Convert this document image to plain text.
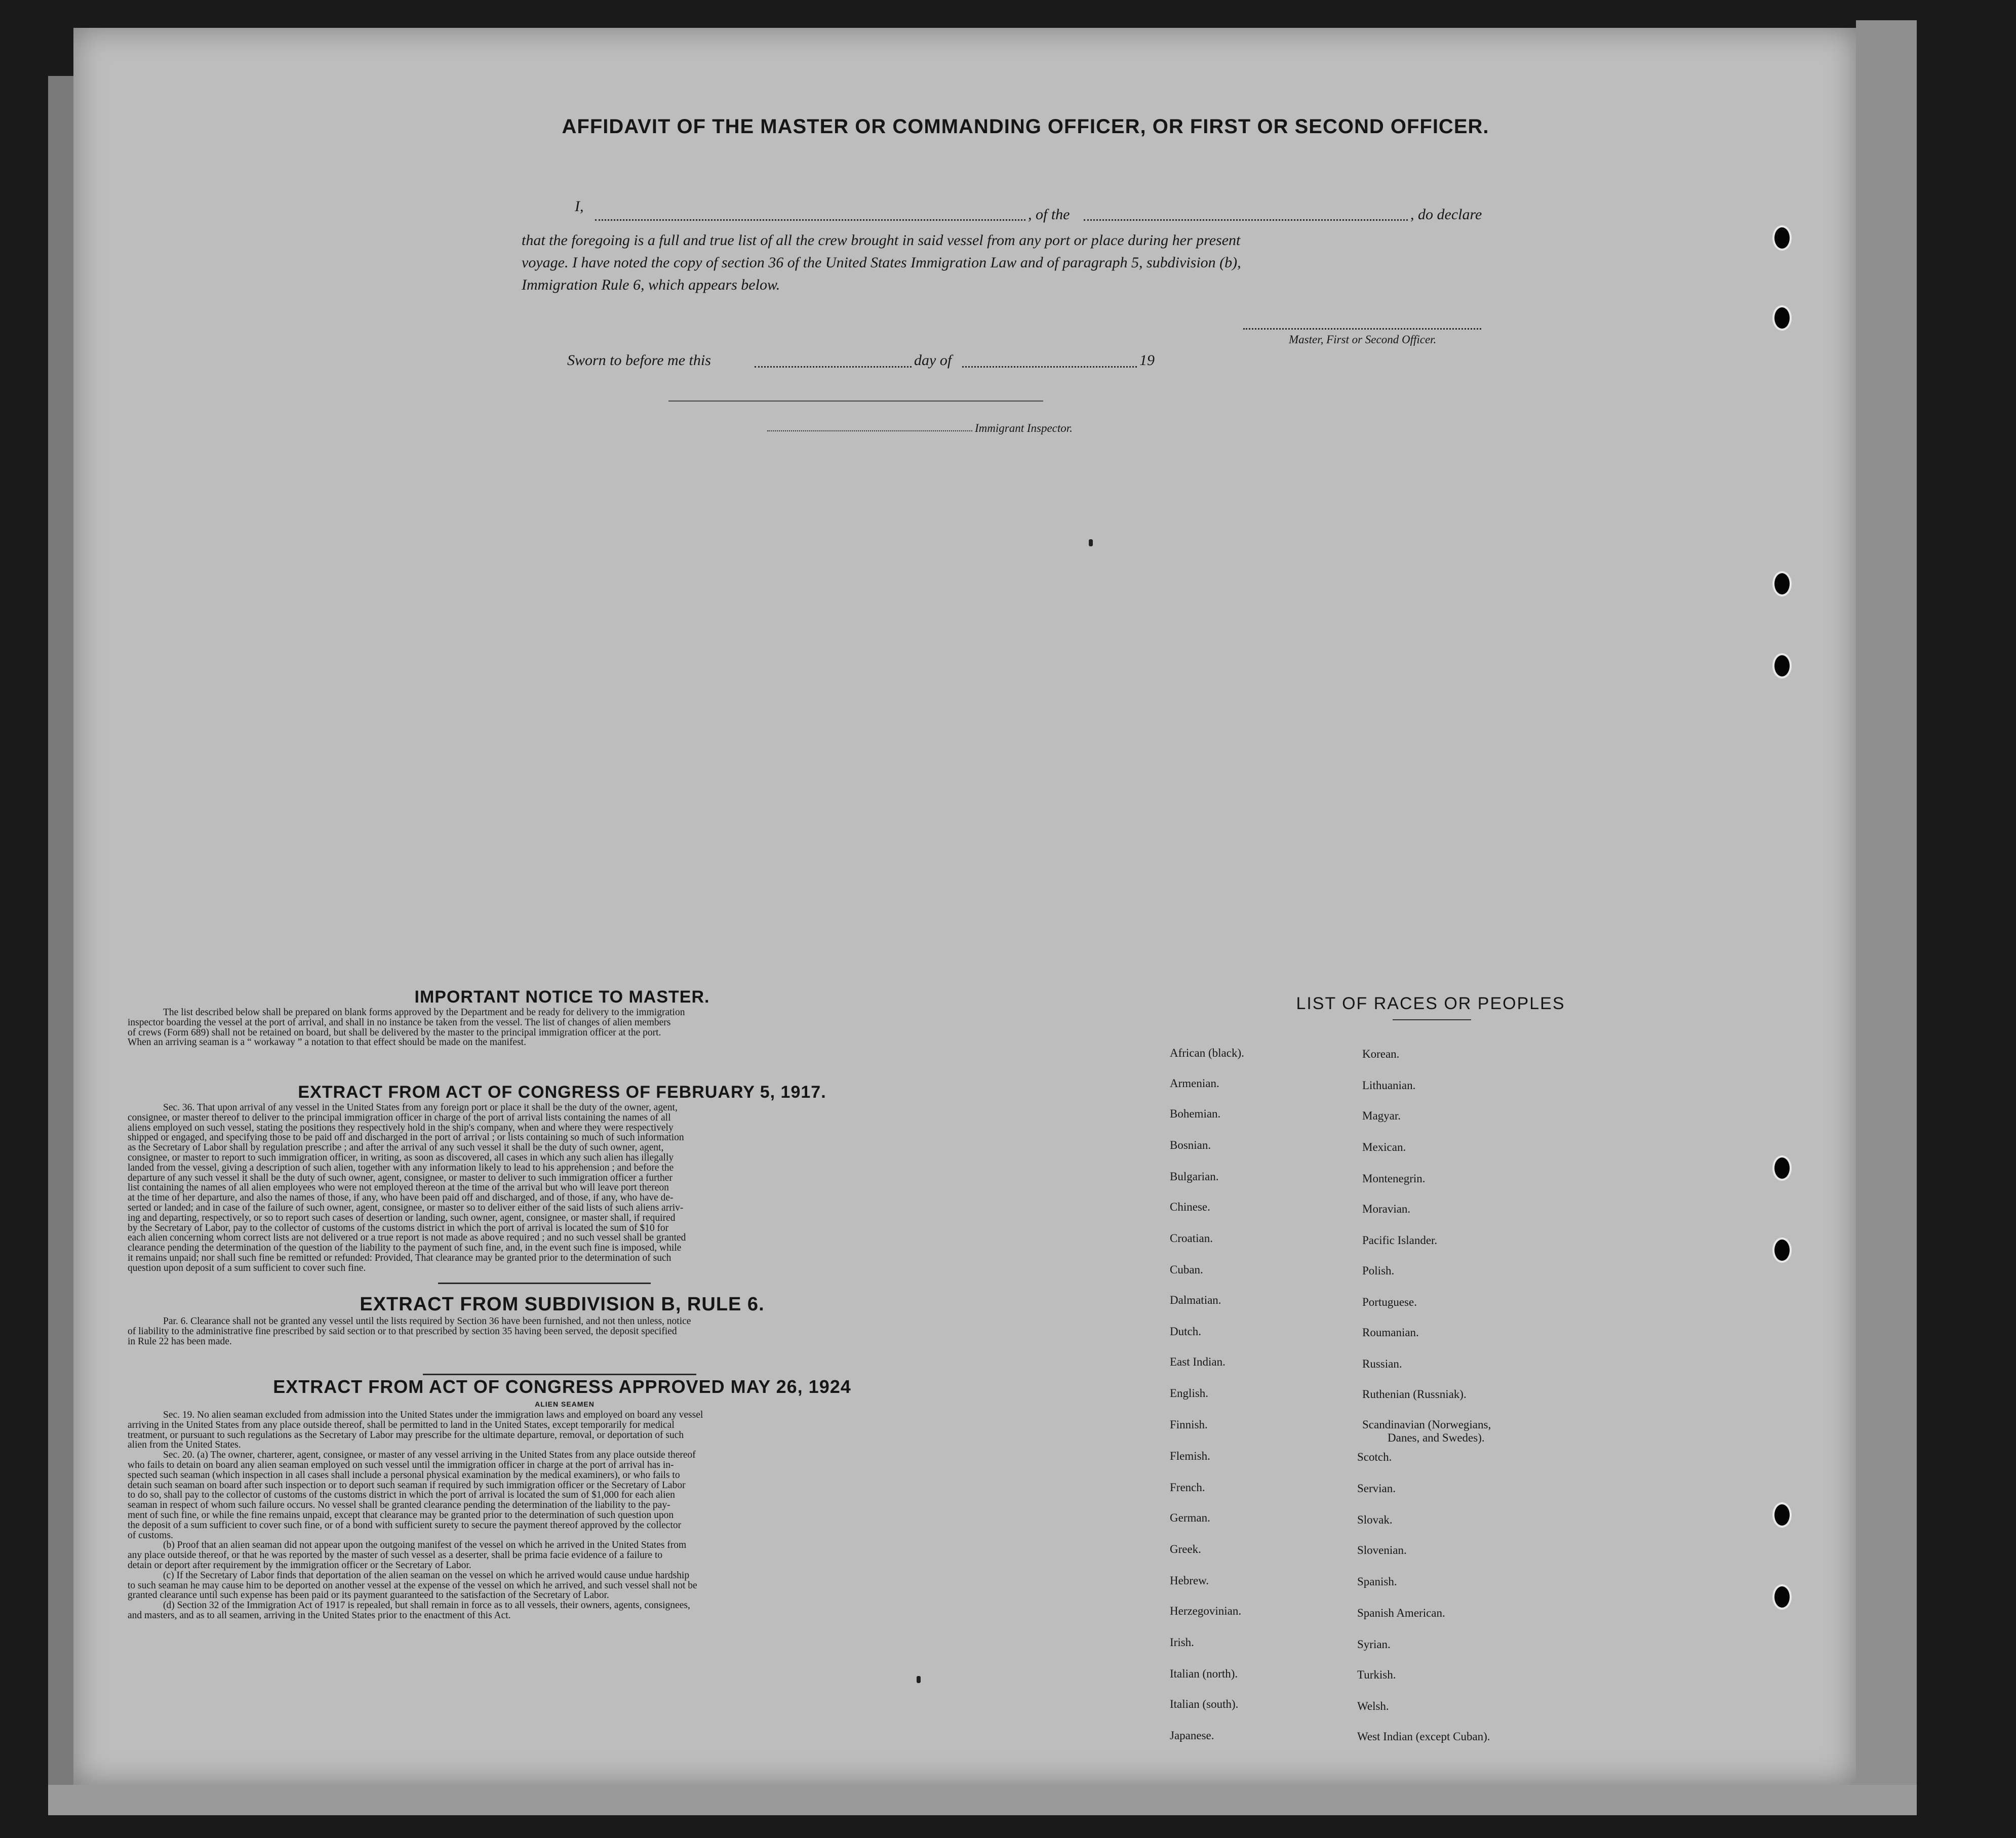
AFFIDAVIT OF THE MASTER OR COMMANDING OFFICER, OR FIRST OR SECOND OFFICER.
I,	, of the	, do declare
that the foregoing is a full and true list of all the crew brought in said vessel from any port or place during her present
voyage. I have noted the copy of section 36 of the United States Immigration Law and of paragraph 5, subdivision (b),
Immigration Rule 6, which appears below.
Master, First or Second Officer.
Sworn to before me this	day of	19
Immigrant Inspector.
IMPORTANT NOTICE TO MASTER.
The list described below shall be prepared on blank forms approved by the Department and be ready for delivery to the immigration
inspector boarding the vessel at the port of arrival, and shall in no instance be taken from the vessel. The list of changes of alien members
of crews (Form 689) shall not be retained on board, but shall be delivered by the master to the principal immigration officer at the port.
When an arriving seaman is a “ workaway ” a notation to that effect should be made on the manifest.
EXTRACT FROM ACT OF CONGRESS OF FEBRUARY 5, 1917.
Sec. 36. That upon arrival of any vessel in the United States from any foreign port or place it shall be the duty of the owner, agent,
consignee, or master thereof to deliver to the principal immigration officer in charge of the port of arrival lists containing the names of all
aliens employed on such vessel, stating the positions they respectively hold in the ship's company, when and where they were respectively
shipped or engaged, and specifying those to be paid off and discharged in the port of arrival ; or lists containing so much of such information
as the Secretary of Labor shall by regulation prescribe ; and after the arrival of any such vessel it shall be the duty of such owner, agent,
consignee, or master to report to such immigration officer, in writing, as soon as discovered, all cases in which any such alien has illegally
landed from the vessel, giving a description of such alien, together with any information likely to lead to his apprehension ; and before the
departure of any such vessel it shall be the duty of such owner, agent, consignee, or master to deliver to such immigration officer a further
list containing the names of all alien employees who were not employed thereon at the time of the arrival but who will leave port thereon
at the time of her departure, and also the names of those, if any, who have been paid off and discharged, and of those, if any, who have de-
serted or landed; and in case of the failure of such owner, agent, consignee, or master so to deliver either of the said lists of such aliens arriv-
ing and departing, respectively, or so to report such cases of desertion or landing, such owner, agent, consignee, or master shall, if required
by the Secretary of Labor, pay to the collector of customs of the customs district in which the port of arrival is located the sum of $10 for
each alien concerning whom correct lists are not delivered or a true report is not made as above required ; and no such vessel shall be granted
clearance pending the determination of the question of the liability to the payment of such fine, and, in the event such fine is imposed, while
it remains unpaid; nor shall such fine be remitted or refunded: Provided, That clearance may be granted prior to the determination of such
question upon deposit of a sum sufficient to cover such fine.
EXTRACT FROM SUBDIVISION B, RULE 6.
Par. 6. Clearance shall not be granted any vessel until the lists required by Section 36 have been furnished, and not then unless, notice
of liability to the administrative fine prescribed by said section or to that prescribed by section 35 having been served, the deposit specified
in Rule 22 has been made.
EXTRACT FROM ACT OF CONGRESS APPROVED MAY 26, 1924
ALIEN SEAMEN
Sec. 19. No alien seaman excluded from admission into the United States under the immigration laws and employed on board any vessel
arriving in the United States from any place outside thereof, shall be permitted to land in the United States, except temporarily for medical
treatment, or pursuant to such regulations as the Secretary of Labor may prescribe for the ultimate departure, removal, or deportation of such
alien from the United States.
Sec. 20. (a) The owner, charterer, agent, consignee, or master of any vessel arriving in the United States from any place outside thereof
who fails to detain on board any alien seaman employed on such vessel until the immigration officer in charge at the port of arrival has in-
spected such seaman (which inspection in all cases shall include a personal physical examination by the medical examiners), or who fails to
detain such seaman on board after such inspection or to deport such seaman if required by such immigration officer or the Secretary of Labor
to do so, shall pay to the collector of customs of the customs district in which the port of arrival is located the sum of $1,000 for each alien
seaman in respect of whom such failure occurs. No vessel shall be granted clearance pending the determination of the liability to the pay-
ment of such fine, or while the fine remains unpaid, except that clearance may be granted prior to the determination of such question upon
the deposit of a sum sufficient to cover such fine, or of a bond with sufficient surety to secure the payment thereof approved by the collector
of customs.
(b) Proof that an alien seaman did not appear upon the outgoing manifest of the vessel on which he arrived in the United States from
any place outside thereof, or that he was reported by the master of such vessel as a deserter, shall be prima facie evidence of a failure to
detain or deport after requirement by the immigration officer or the Secretary of Labor.
(c) If the Secretary of Labor finds that deportation of the alien seaman on the vessel on which he arrived would cause undue hardship
to such seaman he may cause him to be deported on another vessel at the expense of the vessel on which he arrived, and such vessel shall not be
granted clearance until such expense has been paid or its payment guaranteed to the satisfaction of the Secretary of Labor.
(d) Section 32 of the Immigration Act of 1917 is repealed, but shall remain in force as to all vessels, their owners, agents, consignees,
and masters, and as to all seamen, arriving in the United States prior to the enactment of this Act.
LIST OF RACES OR PEOPLES
African (black).
Armenian.
Bohemian.
Bosnian.
Bulgarian.
Chinese.
Croatian.
Cuban.
Dalmatian.
Dutch.
East Indian.
English.
Finnish.
Flemish.
French.
German.
Greek.
Hebrew.
Herzegovinian.
Irish.
Italian (north).
Italian (south).
Japanese.
Korean.
Lithuanian.
Magyar.
Mexican.
Montenegrin.
Moravian.
Pacific Islander.
Polish.
Portuguese.
Roumanian.
Russian.
Ruthenian (Russniak).
Scandinavian (Norwegians,
Danes, and Swedes).
Scotch.
Servian.
Slovak.
Slovenian.
Spanish.
Spanish American.
Syrian.
Turkish.
Welsh.
West Indian (except Cuban).
